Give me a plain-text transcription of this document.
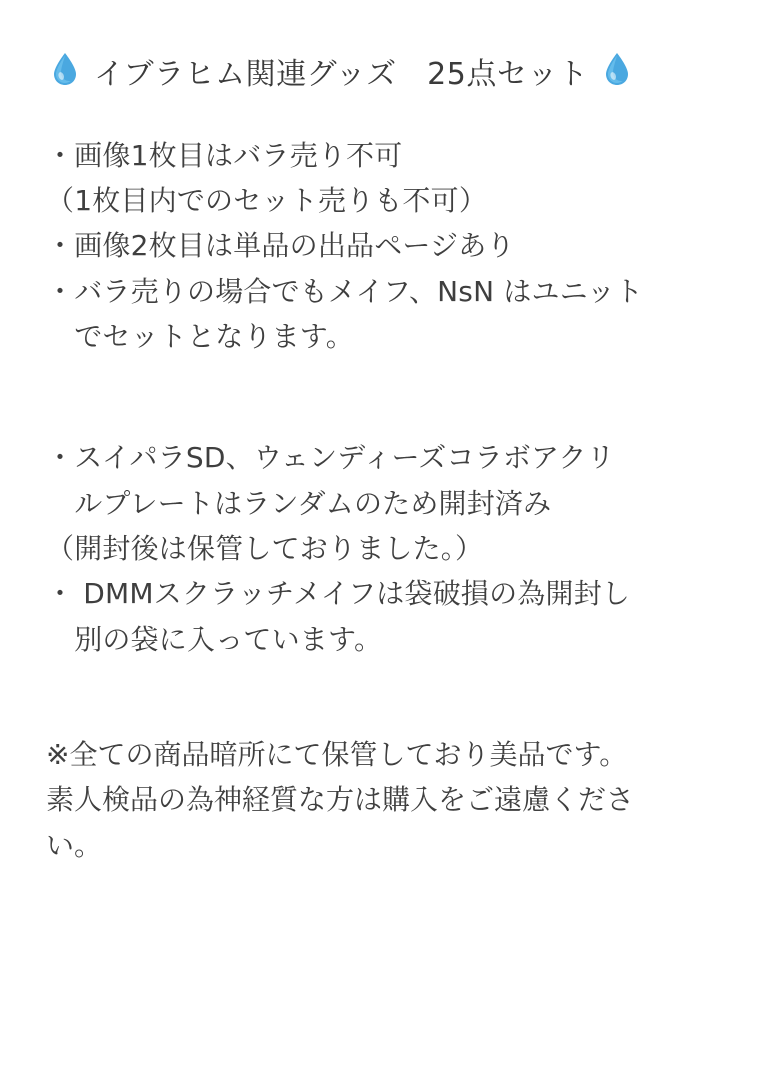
イブラヒム関連グッズ　25点セット
・画像1枚目はバラ売り不可
（1枚目内でのセット売りも不可）
・画像2枚目は単品の出品ページあり
・バラ売りの場合でもメイフ、NsN はユニット
　でセットとなります。
・スイパラSD、ウェンディーズコラボアクリ
　ルプレートはランダムのため開封済み
（開封後は保管しておりました。）
・ DMMスクラッチメイフは袋破損の為開封し
　別の袋に入っています。
※全ての商品暗所にて保管しており美品です。
素人検品の為神経質な方は購入をご遠慮くださ
い。
